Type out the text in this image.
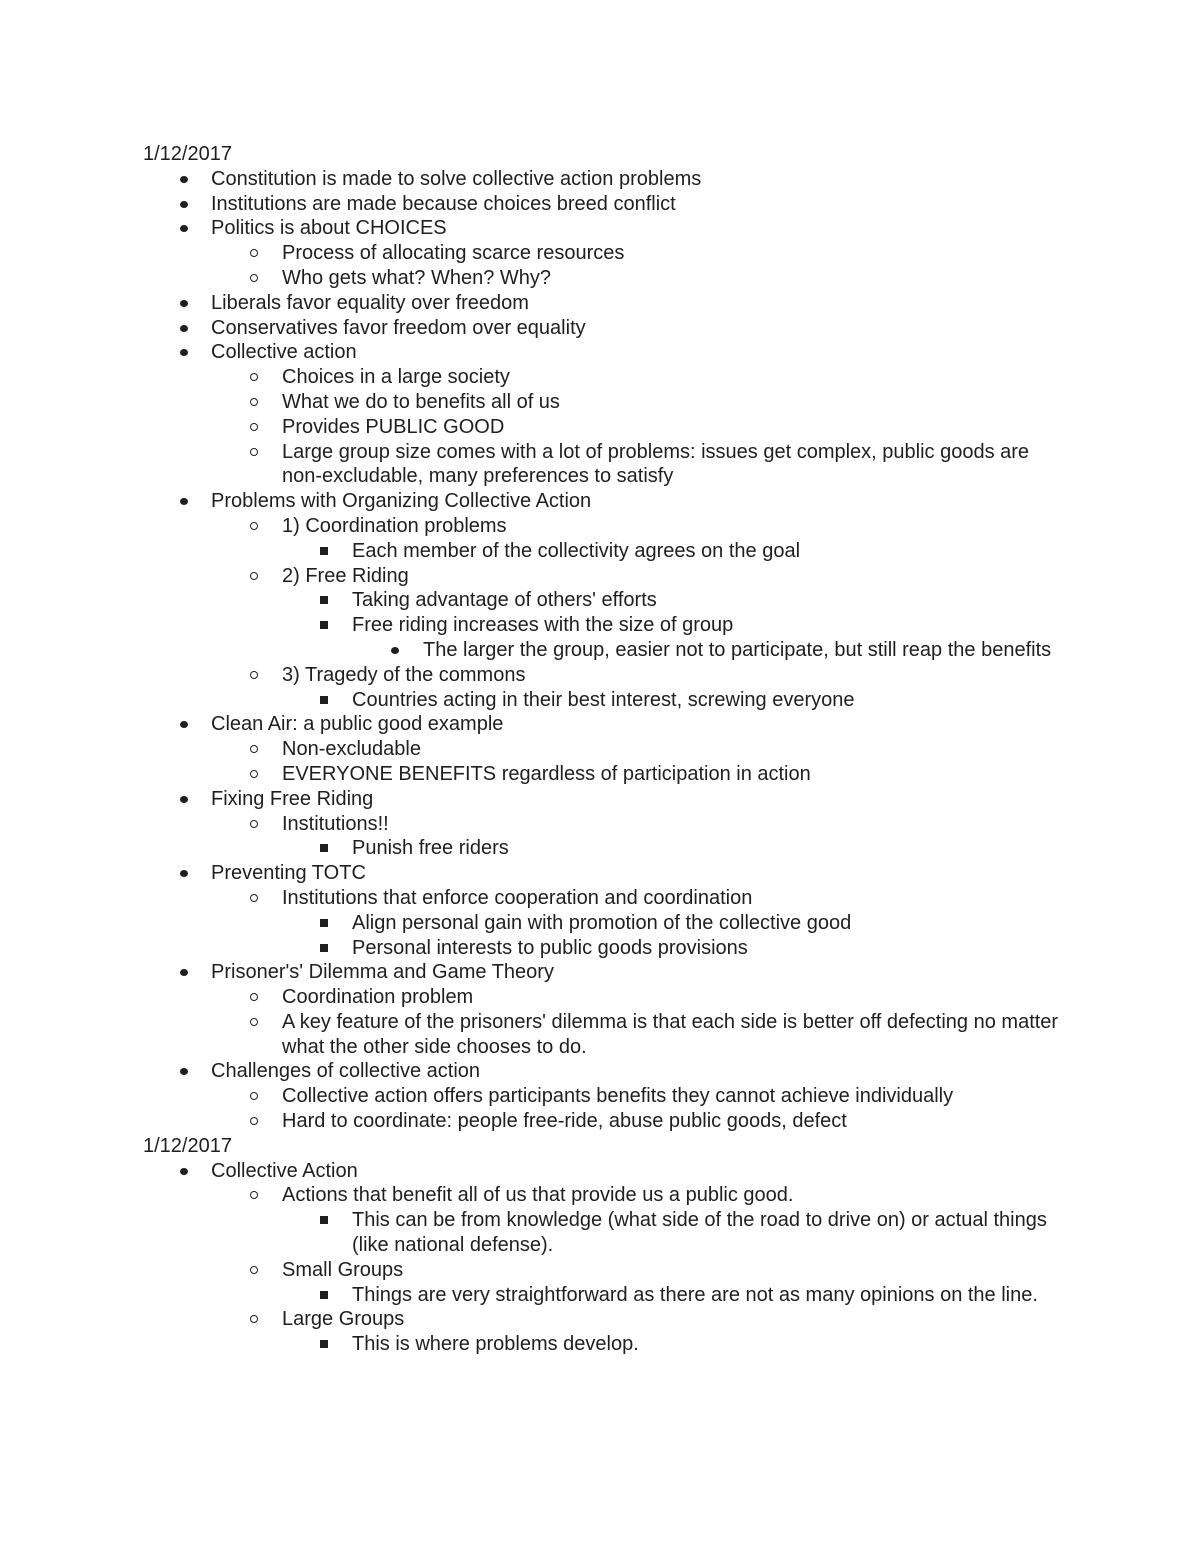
1/12/2017
Constitution is made to solve collective action problems
Institutions are made because choices breed conflict
Politics is about CHOICES
Process of allocating scarce resources
Who gets what? When? Why?
Liberals favor equality over freedom
Conservatives favor freedom over equality
Collective action
Choices in a large society
What we do to benefits all of us
Provides PUBLIC GOOD
Large group size comes with a lot of problems: issues get complex, public goods are non-excludable, many preferences to satisfy
Problems with Organizing Collective Action
1) Coordination problems
Each member of the collectivity agrees on the goal
2) Free Riding
Taking advantage of others' efforts
Free riding increases with the size of group
The larger the group, easier not to participate, but still reap the benefits
3) Tragedy of the commons
Countries acting in their best interest, screwing everyone
Clean Air: a public good example
Non-excludable
EVERYONE BENEFITS regardless of participation in action
Fixing Free Riding
Institutions!!
Punish free riders
Preventing TOTC
Institutions that enforce cooperation and coordination
Align personal gain with promotion of the collective good
Personal interests to public goods provisions
Prisoner's' Dilemma and Game Theory
Coordination problem
A key feature of the prisoners' dilemma is that each side is better off defecting no matter what the other side chooses to do.
Challenges of collective action
Collective action offers participants benefits they cannot achieve individually
Hard to coordinate: people free-ride, abuse public goods, defect
1/12/2017
Collective Action
Actions that benefit all of us that provide us a public good.
This can be from knowledge (what side of the road to drive on) or actual things (like national defense).
Small Groups
Things are very straightforward as there are not as many opinions on the line.
Large Groups
This is where problems develop.
